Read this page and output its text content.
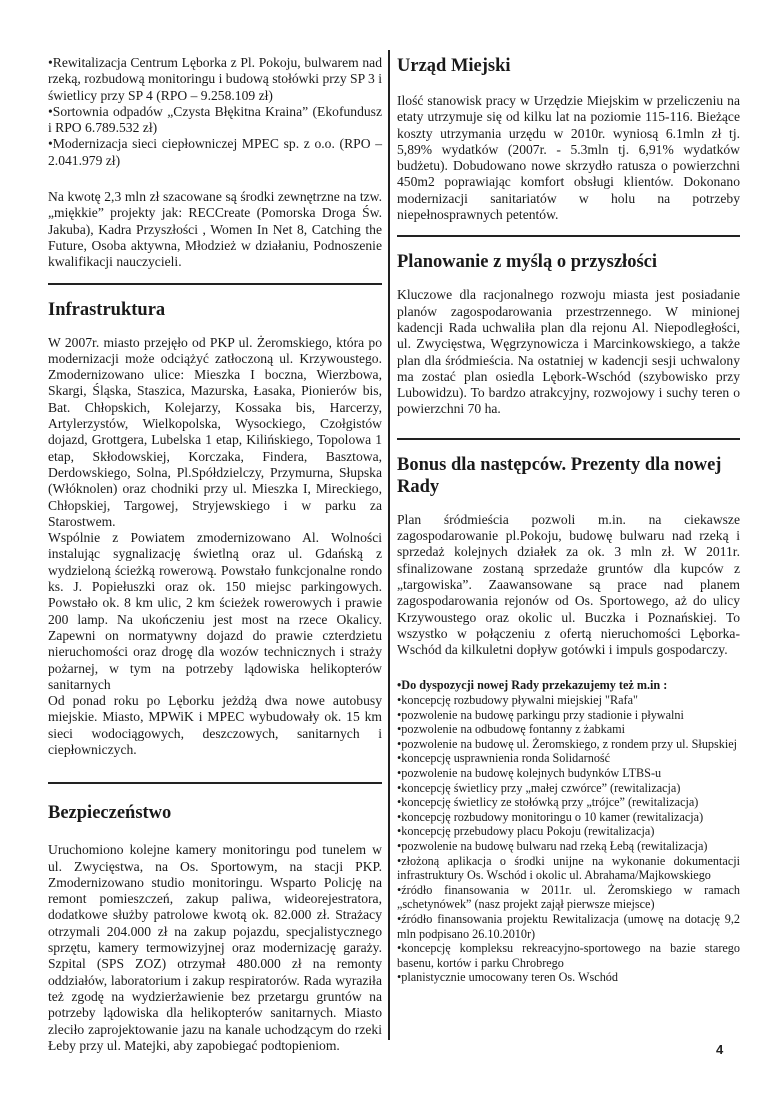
•Rewitalizacja Centrum Lęborka z Pl. Pokoju, bulwarem nad rzeką, rozbudową monitoringu i budową stołówki przy SP 3 i świetlicy przy SP 4 (RPO – 9.258.109 zł)

•Sortownia odpadów „Czysta Błękitna Kraina” (Ekofundusz i RPO 6.789.532 zł)

•Modernizacja sieci ciepłowniczej MPEC sp. z o.o. (RPO – 2.041.979 zł)

Na kwotę 2,3 mln zł szacowane są środki zewnętrzne na tzw. „miękkie” projekty jak: RECCreate (Pomorska Droga Św. Jakuba), Kadra Przyszłości , Women In Net 8, Catching the Future, Osoba aktywna, Młodzież w działaniu, Podnoszenie kwalifikacji nauczycieli.

Infrastruktura

W 2007r. miasto przejęło od PKP ul. Żeromskiego, która po modernizacji może odciążyć zatłoczoną ul. Krzywoustego. Zmodernizowano ulice: Mieszka I boczna, Wierzbowa, Skargi, Śląska, Staszica, Mazurska, Łasaka, Pionierów bis, Bat. Chłopskich, Kolejarzy, Kossaka bis, Harcerzy, Artylerzystów, Wielkopolska, Wysockiego, Czołgistów dojazd, Grottgera, Lubelska 1 etap, Kilińskiego, Topolowa 1 etap, Skłodowskiej, Korczaka, Findera, Basztowa, Derdowskiego, Solna, Pl.Spółdzielczy, Przymurna, Słupska (Włóknolen) oraz chodniki przy ul. Mieszka I, Mireckiego, Chłopskiej, Targowej, Stryjewskiego i w parku za Starostwem.

Wspólnie z Powiatem zmodernizowano Al. Wolności instalując sygnalizację świetlną oraz ul. Gdańską z wydzieloną ścieżką rowerową. Powstało funkcjonalne rondo ks. J. Popiełuszki oraz ok. 150 miejsc parkingowych. Powstało ok. 8 km ulic, 2 km ścieżek rowerowych i prawie 200 lamp. Na ukończeniu jest most na rzece Okalicy. Zapewni on normatywny dojazd do prawie czterdzietu nieruchomości oraz drogę dla wozów technicznych i straży pożarnej, w tym na potrzeby lądowiska helikopterów sanitarnych

Od ponad roku po Lęborku jeżdżą dwa nowe autobusy miejskie. Miasto, MPWiK i MPEC wybudowały ok. 15 km sieci wodociągowych, deszczowych, sanitarnych i ciepłowniczych.

Bezpieczeństwo

Uruchomiono kolejne kamery monitoringu pod tunelem w ul. Zwycięstwa, na Os. Sportowym, na stacji PKP. Zmodernizowano studio monitoringu. Wsparto Policję na remont pomieszczeń, zakup paliwa, wideorejestratora, dodatkowe służby patrolowe kwotą ok. 82.000 zł. Strażacy otrzymali 204.000 zł na zakup pojazdu, specjalistycznego sprzętu, kamery termowizyjnej oraz modernizację garaży. Szpital (SPS ZOZ) otrzymał 480.000 zł na remonty oddziałów, laboratorium i zakup respiratorów. Rada wyraziła też zgodę na wydzierżawienie bez przetargu gruntów na potrzeby lądowiska dla helikopterów sanitarnych. Miasto zleciło zaprojektowanie jazu na kanale uchodzącym do rzeki Łeby przy ul. Matejki, aby zapobiegać podtopieniom.

Urząd Miejski

Ilość stanowisk pracy w Urzędzie Miejskim w przeliczeniu na etaty utrzymuje się od kilku lat na poziomie 115-116. Bieżące koszty utrzymania urzędu w 2010r. wyniosą 6.1mln zł tj. 5,89% wydatków (2007r. - 5.3mln tj. 6,91% wydatków budżetu). Dobudowano nowe skrzydło ratusza o powierzchni 450m2 poprawiając komfort obsługi klientów. Dokonano modernizacji sanitariatów w holu na potrzeby niepełnosprawnych petentów.

Planowanie z myślą o przyszłości

Kluczowe dla racjonalnego rozwoju miasta jest posiadanie planów zagospodarowania przestrzennego. W minionej kadencji Rada uchwaliła plan dla rejonu Al. Niepodległości, ul. Zwycięstwa, Węgrzynowicza i Marcinkowskiego, a także plan dla śródmieścia. Na ostatniej w kadencji sesji uchwalony ma zostać plan osiedla Lębork-Wschód (szybowisko przy Lubowidzu). To bardzo atrakcyjny, rozwojowy i suchy teren o powierzchni 70 ha.

Bonus dla następców. Prezenty dla nowej Rady

Plan śródmieścia pozwoli m.in. na ciekawsze zagospodarowanie pl.Pokoju, budowę bulwaru nad rzeką i sprzedaż kolejnych działek za ok. 3 mln zł. W 2011r. sfinalizowane zostaną sprzedaże gruntów dla kupców z „targowiska”. Zaawansowane są prace nad planem zagospodarowania rejonów od Os. Sportowego, aż do ulicy Krzywoustego oraz okolic ul. Buczka i Poznańskiej. To wszystko w połączeniu z ofertą nieruchomości Lęborka-Wschód da kilkuletni dopływ gotówki i impuls gospodarczy.

•Do dyspozycji nowej Rady przekazujemy też m.in :
•koncepcję rozbudowy pływalni miejskiej "Rafa"
•pozwolenie na budowę parkingu przy stadionie i pływalni
•pozwolenie na odbudowę fontanny z żabkami
•pozwolenie na budowę ul. Żeromskiego, z rondem przy ul. Słupskiej
•koncepcję usprawnienia ronda Solidarność
•pozwolenie na budowę kolejnych budynków LTBS-u
•koncepcję świetlicy przy „małej czwórce” (rewitalizacja)
•koncepcję świetlicy ze stołówką przy „trójce” (rewitalizacja)
•koncepcję rozbudowy monitoringu o 10 kamer (rewitalizacja)
•koncepcję przebudowy placu Pokoju (rewitalizacja)
•pozwolenie na budowę bulwaru nad rzeką Łebą (rewitalizacja)
•złożoną aplikacja o środki unijne na wykonanie dokumentacji infrastruktury Os. Wschód i okolic ul. Abrahama/Majkowskiego
•źródło finansowania w 2011r. ul. Żeromskiego w ramach „schetynówek” (nasz projekt zajął pierwsze miejsce)
•źródło finansowania projektu Rewitalizacja (umowę na dotację 9,2 mln podpisano 26.10.2010r)
•koncepcję kompleksu rekreacyjno-sportowego na bazie starego basenu, kortów i parku Chrobrego
•planistycznie umocowany teren Os. Wschód
4
